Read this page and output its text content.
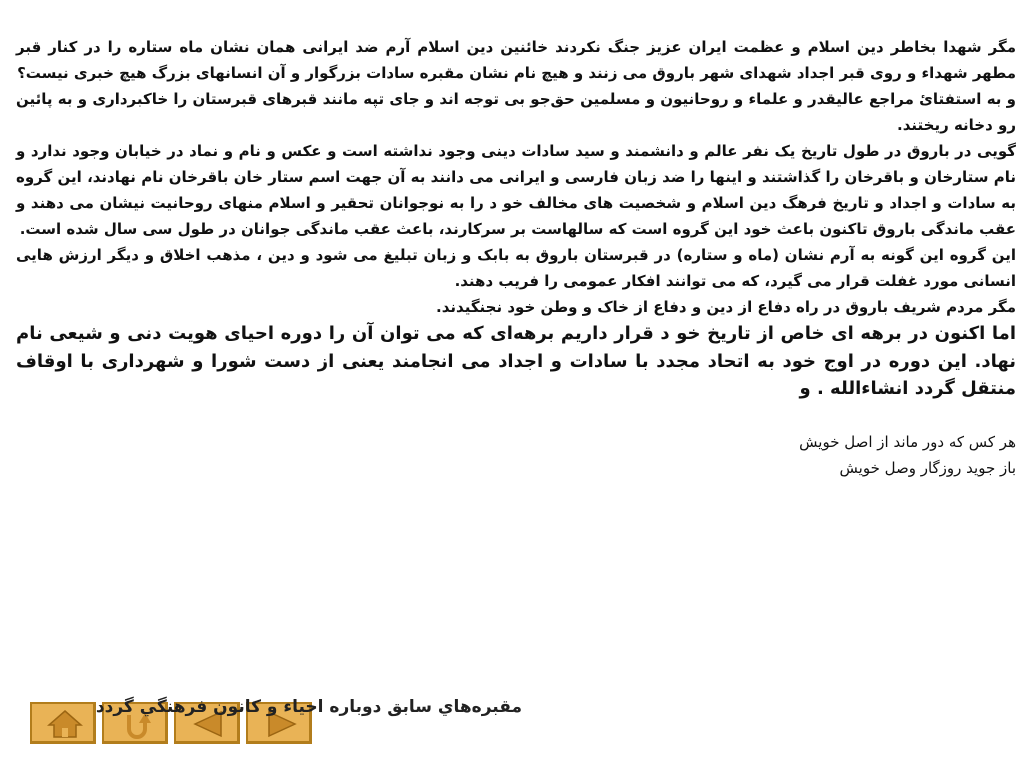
مگر شهدا بخاطر دین اسلام و عظمت ایران عزیز جنگ نکردند خائنین دین اسلام آرم ضد ایرانی همان نشان ماه ستاره را در کنار قبر مطهر شهداء و روی قبر اجداد شهدای شهر باروق می زنند و هیچ نام نشان مقبره سادات بزرگوار و آن انسانهای بزرگ هیچ خبری نیست؟

و به استفتائ مراجع عالیقدر و علماء و روحانیون و مسلمین حق‌جو بی توجه اند و جای تپه مانند قبرهای قبرستان را خاکبرداری و به پائین رو دخانه ریختند.

گویی در باروق در طول تاریخ یک نفر عالم و دانشمند و سید سادات دینی وجود نداشته است و عکس و نام و نماد در خیابان وجود ندارد و نام ستارخان و باقرخان را گذاشتند و اینها را ضد زبان فارسی و ایرانی می دانند به آن جهت اسم ستار خان باقرخان نام نهادند، این گروه به سادات و اجداد و تاریخ فرهگ دین اسلام و شخصیت های مخالف خو د را به نوجوانان تحقیر و اسلام منهای روحانیت نیشان می دهند و عقب ماندگی باروق تاکنون باعث خود این گروه است که سالهاست بر سرکارند، باعث عقب ماندگی جوانان در طول سی سال شده است.

این گروه این گونه به آرم نشان (ماه و ستاره) در قبرستان باروق به بابک و زبان تبلیغ می شود و دین ، مذهب اخلاق و دیگر ارزش هایی انسانی مورد غفلت قرار می گیرد، که می توانند افکار عمومی را فریب دهند.

مگر مردم شریف باروق در راه دفاع از دین و دفاع از خاک و وطن خود نجنگیدند.

اما اکنون در برهه ای خاص از تاریخ خو د قرار داریم برهه‌ای که می توان آن را دوره احیای هویت دنی و شیعی نام نهاد. این دوره در اوج خود به اتحاد مجدد با سادات و اجداد می انجامند یعنی از دست شورا و شهرداری با اوقاف منتقل گردد انشاءالله . و

هر کس که دور ماند از اصل خویش

باز جوید روزگار وصل خویش

مقبره‌هاي سابق دوباره احياء و كانون فرهنگي گردد
